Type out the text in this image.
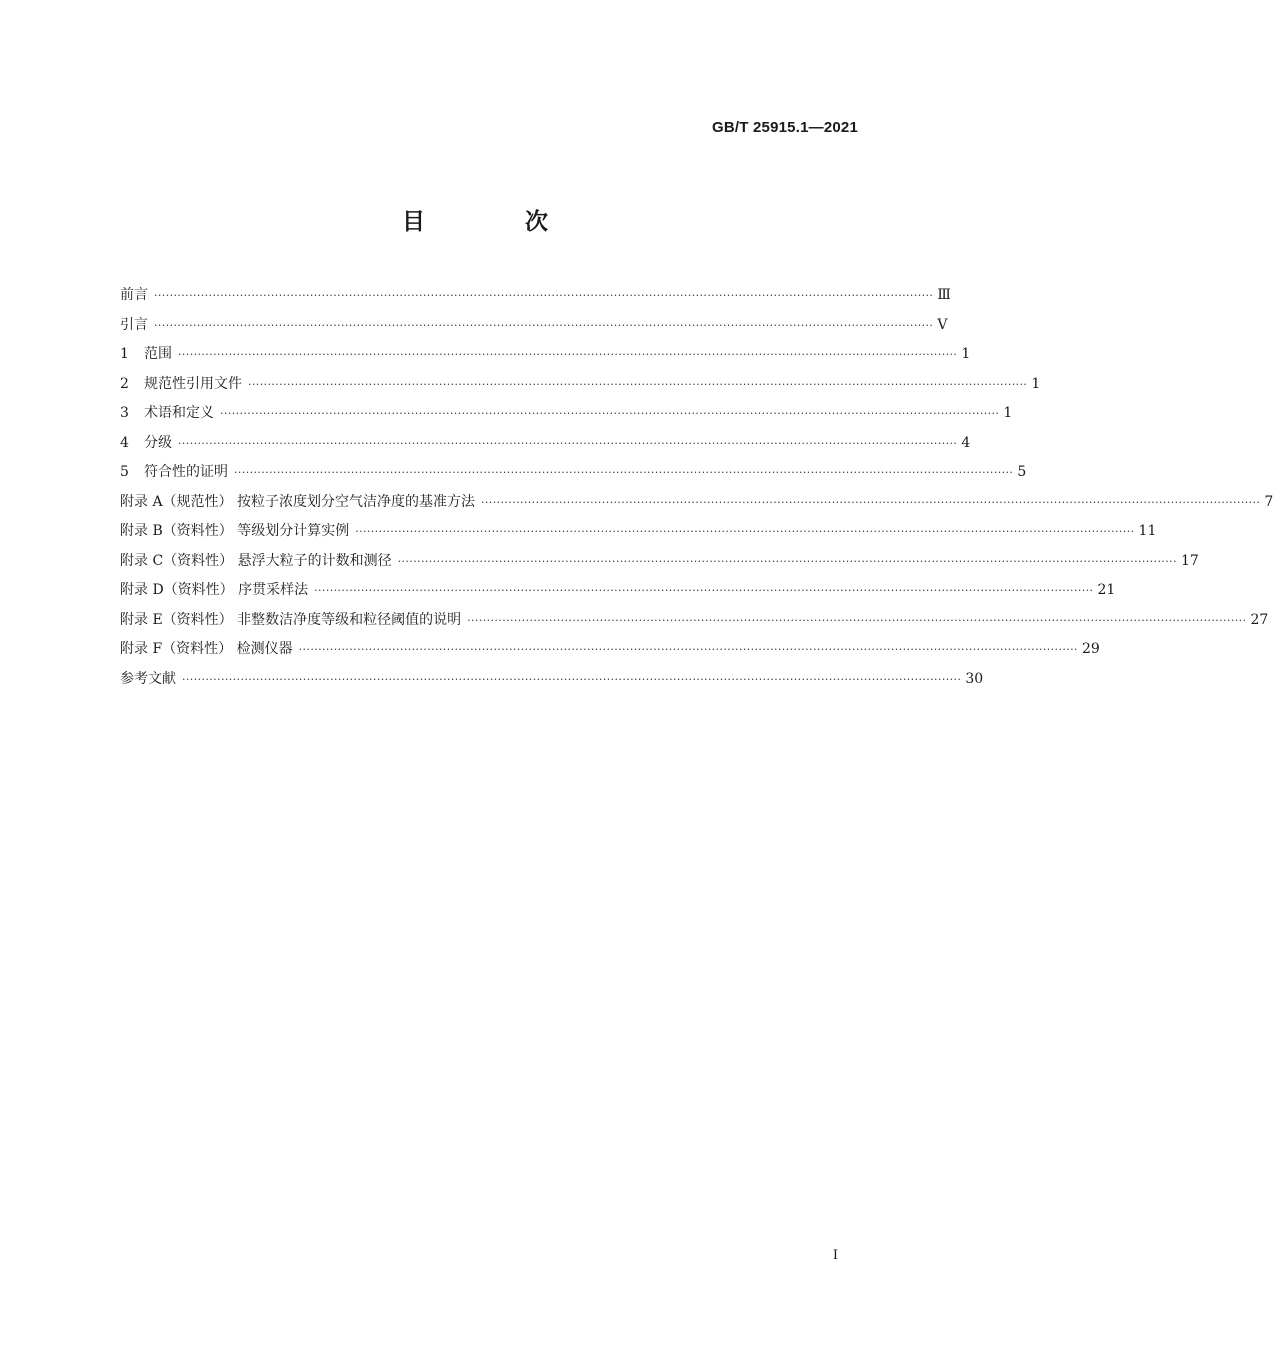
GB/T 25915.1—2021
目 次
前言 ········································································································································································································ Ⅲ
引言 ········································································································································································································ Ⅴ
1	范围 ········································································································································································································ 1
2	规范性引用文件 ········································································································································································································ 1
3	术语和定义 ········································································································································································································ 1
4	分级 ········································································································································································································ 4
5	符合性的证明 ········································································································································································································ 5
附录 A（规范性） 按粒子浓度划分空气洁净度的基准方法 ········································································································································································································ 7
附录 B（资料性） 等级划分计算实例 ········································································································································································································ 11
附录 C（资料性） 悬浮大粒子的计数和测径 ········································································································································································································ 17
附录 D（资料性） 序贯采样法 ········································································································································································································ 21
附录 E（资料性） 非整数洁净度等级和粒径阈值的说明 ········································································································································································································ 27
附录 F（资料性） 检测仪器 ········································································································································································································ 29
参考文献 ········································································································································································································ 30
I
